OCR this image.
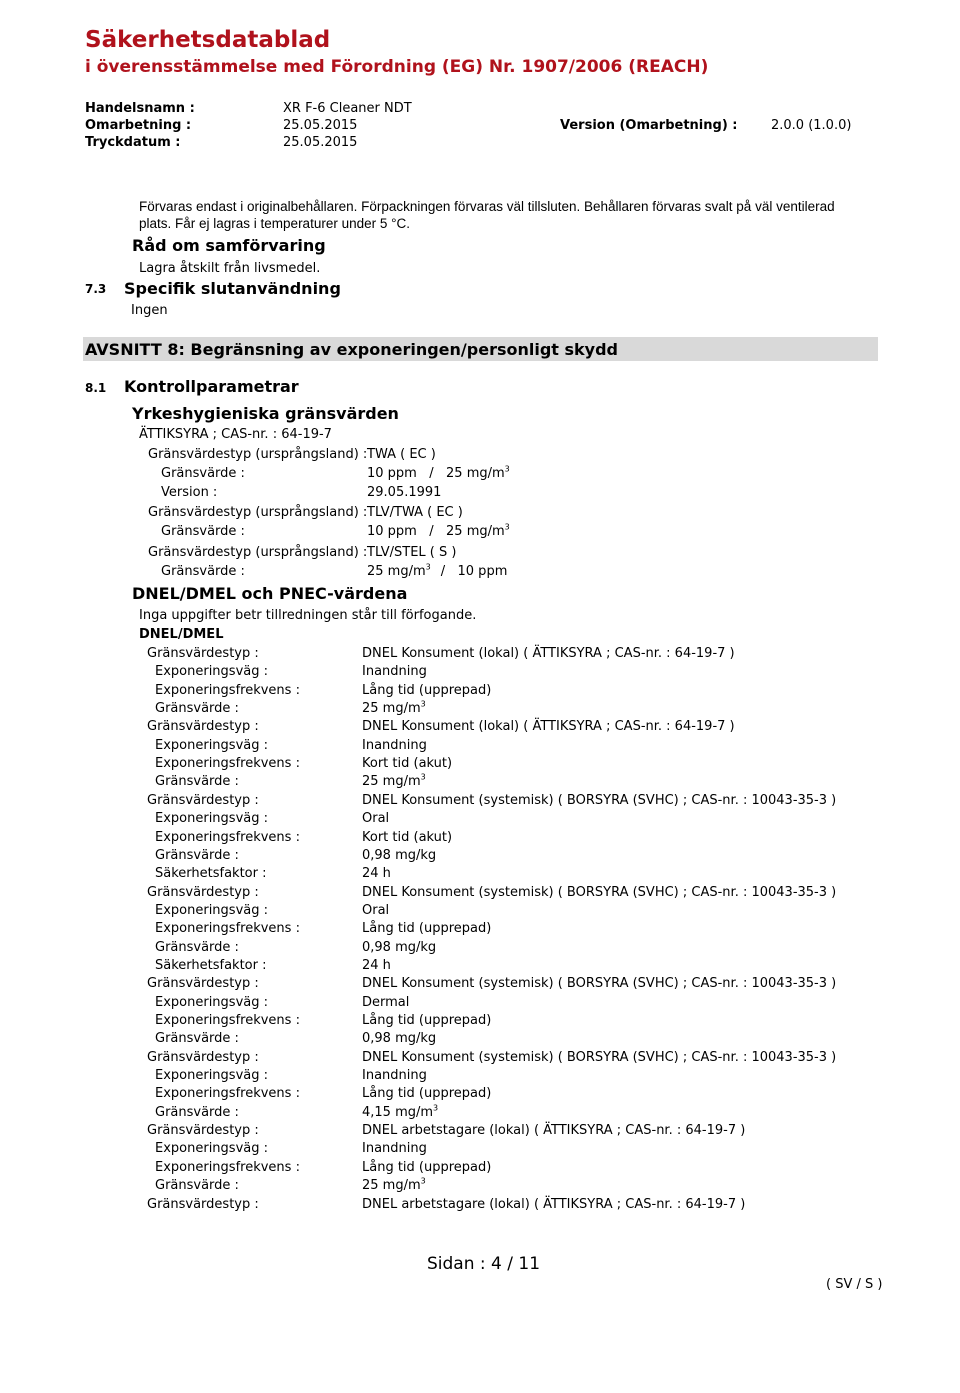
Säkerhetsdatablad
i överensstämmelse med Förordning (EG) Nr. 1907/2006 (REACH)
Handelsnamn :	XR F-6 Cleaner NDT
Omarbetning :	25.05.2015	Version (Omarbetning) :	2.0.0 (1.0.0)
Tryckdatum :	25.05.2015
Förvaras endast i originalbehållaren. Förpackningen förvaras väl tillsluten. Behållaren förvaras svalt på väl ventilerad
plats. Får ej lagras i temperaturer under 5 °C.
Råd om samförvaring
Lagra åtskilt från livsmedel.
7.3 Specifik slutanvändning
Ingen
AVSNITT 8: Begränsning av exponeringen/personligt skydd
8.1 Kontrollparametrar
Yrkeshygieniska gränsvärden
ÄTTIKSYRA ; CAS-nr. : 64-19-7
Gränsvärdestyp (ursprångsland) : TWA ( EC )
Gränsvärde :	10 ppm   /   25 $mg/m^3$
Version :	29.05.1991
Gränsvärdestyp (ursprångsland) : TLV/TWA ( EC )
Gränsvärde :	10 ppm   /   25 $mg/m^3$
Gränsvärdestyp (ursprångsland) : TLV/STEL ( S )
Gränsvärde :	25 $mg/m^3 / 10$ ppm
DNEL/DMEL och PNEC-värdena
Inga uppgifter betr tillredningen står till förfogande.
DNEL/DMEL
Gränsvärdestyp :	DNEL Konsument (lokal) ( ÄTTIKSYRA ; CAS-nr. : 64-19-7 )
Exponeringsväg :	Inandning
Exponeringsfrekvens :	Lång tid (upprepad)
Gränsvärde :	25 $mg/m^3$
Gränsvärdestyp :	DNEL Konsument (lokal) ( ÄTTIKSYRA ; CAS-nr. : 64-19-7 )
Exponeringsväg :	Inandning
Exponeringsfrekvens :	Kort tid (akut)
Gränsvärde :	25 $mg/m^3$
Gränsvärdestyp :	DNEL Konsument (systemisk) ( BORSYRA (SVHC) ; CAS-nr. : 10043-35-3 )
Exponeringsväg :	Oral
Exponeringsfrekvens :	Kort tid (akut)
Gränsvärde :	0,98 mg/kg
Säkerhetsfaktor :	24 h
Gränsvärdestyp :	DNEL Konsument (systemisk) ( BORSYRA (SVHC) ; CAS-nr. : 10043-35-3 )
Exponeringsväg :	Oral
Exponeringsfrekvens :	Lång tid (upprepad)
Gränsvärde :	0,98 mg/kg
Säkerhetsfaktor :	24 h
Gränsvärdestyp :	DNEL Konsument (systemisk) ( BORSYRA (SVHC) ; CAS-nr. : 10043-35-3 )
Exponeringsväg :	Dermal
Exponeringsfrekvens :	Lång tid (upprepad)
Gränsvärde :	0,98 mg/kg
Gränsvärdestyp :	DNEL Konsument (systemisk) ( BORSYRA (SVHC) ; CAS-nr. : 10043-35-3 )
Exponeringsväg :	Inandning
Exponeringsfrekvens :	Lång tid (upprepad)
Gränsvärde :	4,15 $mg/m^3$
Gränsvärdestyp :	DNEL arbetstagare (lokal) ( ÄTTIKSYRA ; CAS-nr. : 64-19-7 )
Exponeringsväg :	Inandning
Exponeringsfrekvens :	Lång tid (upprepad)
Gränsvärde :	25 $mg/m^3$
Gränsvärdestyp :	DNEL arbetstagare (lokal) ( ÄTTIKSYRA ; CAS-nr. : 64-19-7 )
Sidan : 4 / 11
( SV / S )
